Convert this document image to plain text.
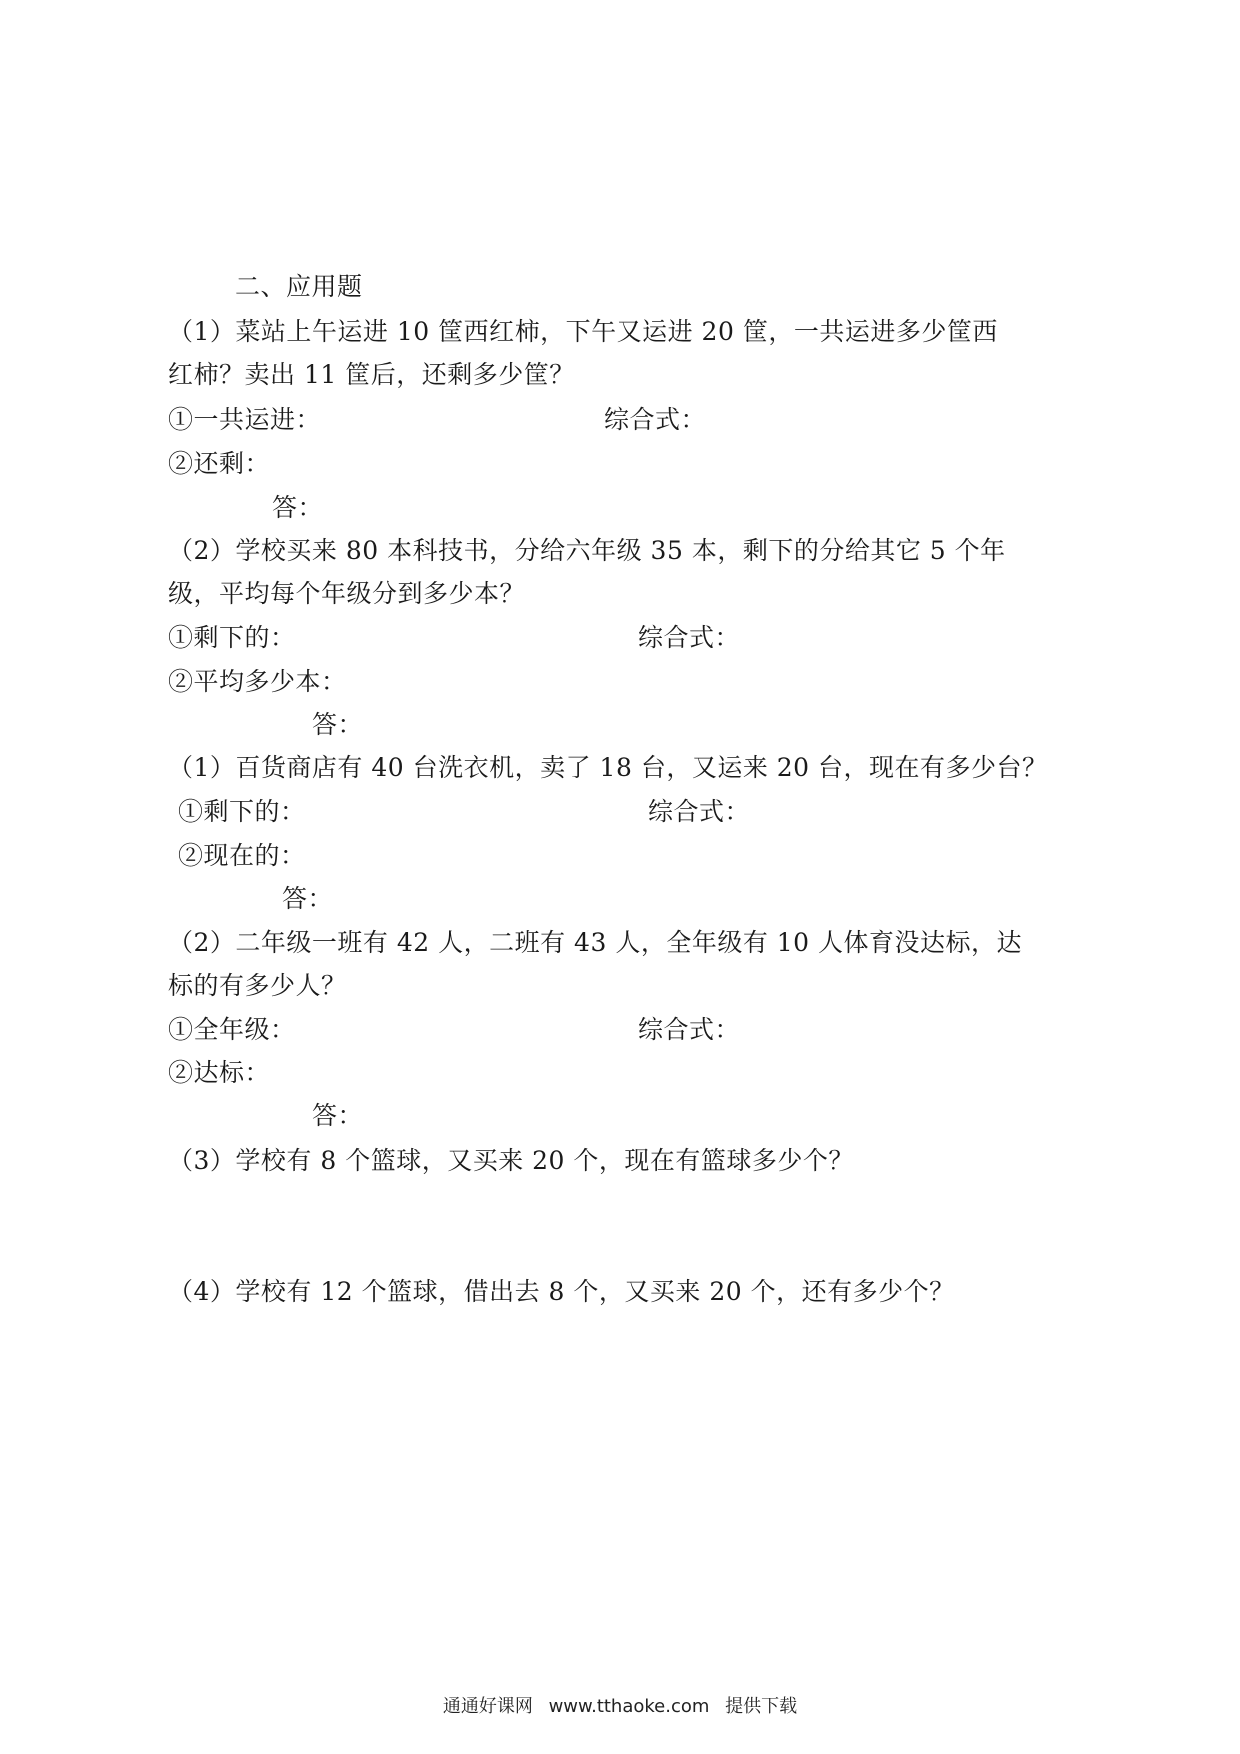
二、应用题
（1）菜站上午运进 10 筐西红柿，下午又运进 20 筐，一共运进多少筐西
红柿？卖出 11 筐后，还剩多少筐？
①一共运进：	综合式：
②还剩：
答：
（2）学校买来 80 本科技书，分给六年级 35 本，剩下的分给其它 5 个年
级，平均每个年级分到多少本？
①剩下的：	综合式：
②平均多少本：
答：
（1）百货商店有 40 台洗衣机，卖了 18 台，又运来 20 台，现在有多少台？
①剩下的：	综合式：
②现在的：
答：
（2）二年级一班有 42 人，二班有 43 人，全年级有 10 人体育没达标，达
标的有多少人？
①全年级：	综合式：
②达标：
答：
（3）学校有 8 个篮球，又买来 20 个，现在有篮球多少个？
（4）学校有 12 个篮球，借出去 8 个，又买来 20 个，还有多少个？
通通好课网 www.tthaoke.com 提供下载
